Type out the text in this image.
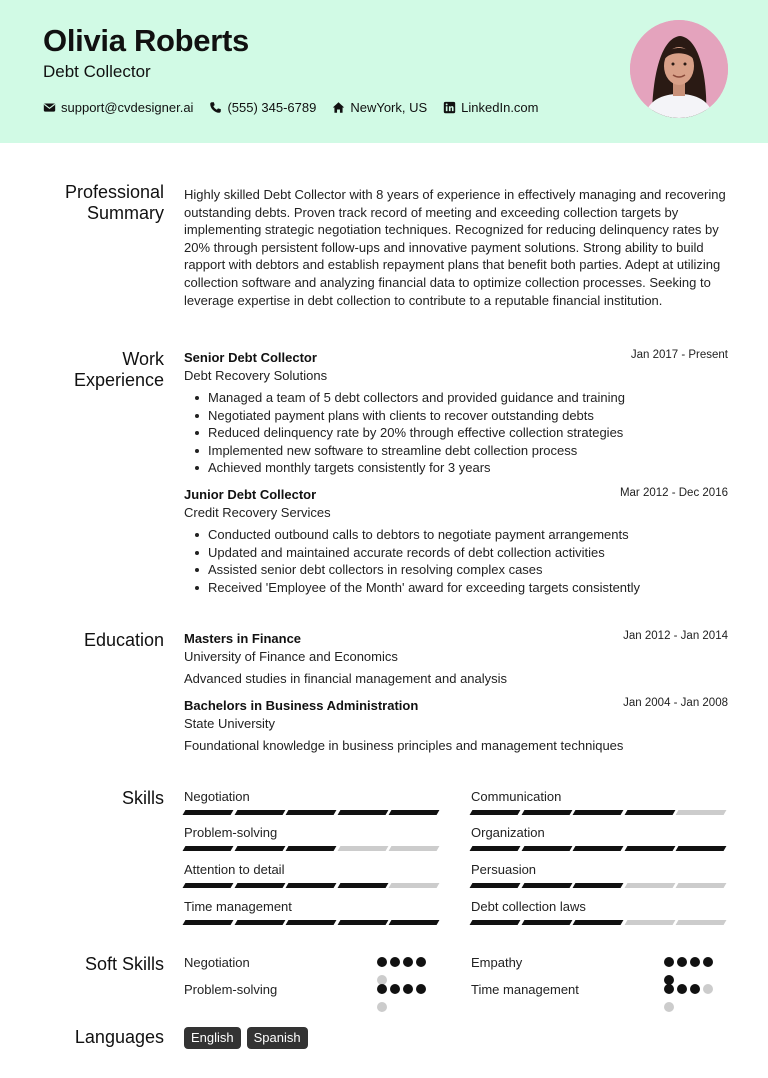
Olivia Roberts
Debt Collector
support@cvdesigner.ai	(555) 345-6789	NewYork, US	LinkedIn.com
Professional Summary
Highly skilled Debt Collector with 8 years of experience in effectively managing and recovering outstanding debts. Proven track record of meeting and exceeding collection targets by implementing strategic negotiation techniques. Recognized for reducing delinquency rates by 20% through persistent follow-ups and innovative payment solutions. Strong ability to build rapport with debtors and establish repayment plans that benefit both parties. Adept at utilizing collection software and analyzing financial data to optimize collection processes. Seeking to leverage expertise in debt collection to contribute to a reputable financial institution.
Work Experience
Senior Debt Collector	Jan 2017 - Present
Debt Recovery Solutions
Managed a team of 5 debt collectors and provided guidance and training
Negotiated payment plans with clients to recover outstanding debts
Reduced delinquency rate by 20% through effective collection strategies
Implemented new software to streamline debt collection process
Achieved monthly targets consistently for 3 years
Junior Debt Collector	Mar 2012 - Dec 2016
Credit Recovery Services
Conducted outbound calls to debtors to negotiate payment arrangements
Updated and maintained accurate records of debt collection activities
Assisted senior debt collectors in resolving complex cases
Received 'Employee of the Month' award for exceeding targets consistently
Education Masters in Finance	Jan 2012 - Jan 2014
University of Finance and Economics
Advanced studies in financial management and analysis
Bachelors in Business Administration	Jan 2004 - Jan 2008
State University
Foundational knowledge in business principles and management techniques
Skills Negotiation	Communication
Problem-solving	Organization
Attention to detail	Persuasion
Time management	Debt collection laws
Soft Skills Negotiation	Empathy
Problem-solving	Time management
Languages	English	Spanish
